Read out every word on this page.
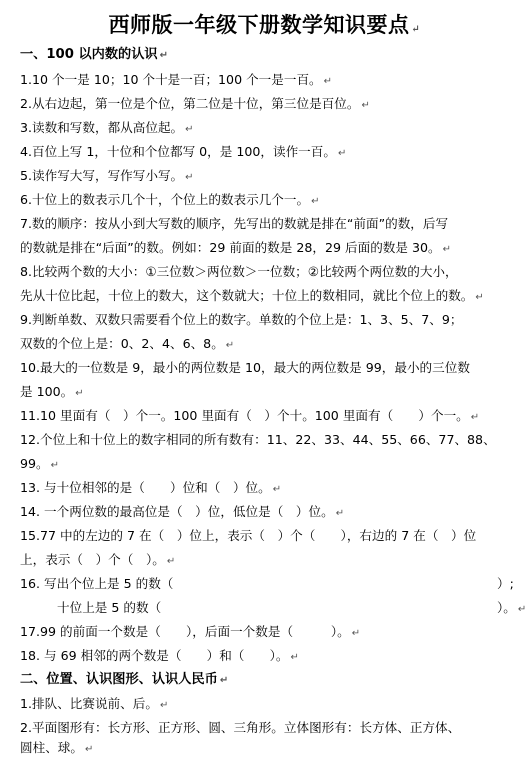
西师版一年级下册数学知识要点 ↵
一、100 以内数的认识 ↵
1.10 个一是 10；10 个十是一百；100 个一是一百。 ↵
2.从右边起，第一位是个位，第二位是十位，第三位是百位。 ↵
3.读数和写数，都从高位起。 ↵
4.百位上写 1，十位和个位都写 0，是 100，读作一百。 ↵
5.读作写大写，写作写小写。 ↵
6.十位上的数表示几个十，个位上的数表示几个一。 ↵
7.数的顺序：按从小到大写数的顺序，先写出的数就是排在“前面”的数，后写
的数就是排在“后面”的数。例如：29 前面的数是 28，29 后面的数是 30。 ↵
8.比较两个数的大小：①三位数＞两位数＞一位数；②比较两个两位数的大小，
先从十位比起，十位上的数大，这个数就大；十位上的数相同，就比个位上的数。 ↵
9.判断单数、双数只需要看个位上的数字。单数的个位上是：1、3、5、7、9；
双数的个位上是：0、2、4、6、8。 ↵
10.最大的一位数是 9，最小的两位数是 10，最大的两位数是 99，最小的三位数
是 100。 ↵
11.10 里面有（　）个一。100 里面有（　）个十。100 里面有（　　）个一。 ↵
12.个位上和十位上的数字相同的所有数有：11、22、33、44、55、66、77、88、
99。 ↵
13. 与十位相邻的是（　　）位和（　）位。 ↵
14. 一个两位数的最高位是（　）位，低位是（　）位。 ↵
15.77 中的左边的 7 在（　）位上，表示（　）个（　　），右边的 7 在（　）位
上，表示（　）个（　）。 ↵
16. 写出个位上是 5 的数（	）;
十位上是 5 的数（	）。 ↵
17.99 的前面一个数是（　　），后面一个数是（　　　）。 ↵
18. 与 69 相邻的两个数是（　　）和（　　）。 ↵
二、位置、认识图形、认识人民币 ↵
1.排队、比赛说前、后。 ↵
2.平面图形有：长方形、正方形、圆、三角形。立体图形有：长方体、正方体、
圆柱、球。 ↵
